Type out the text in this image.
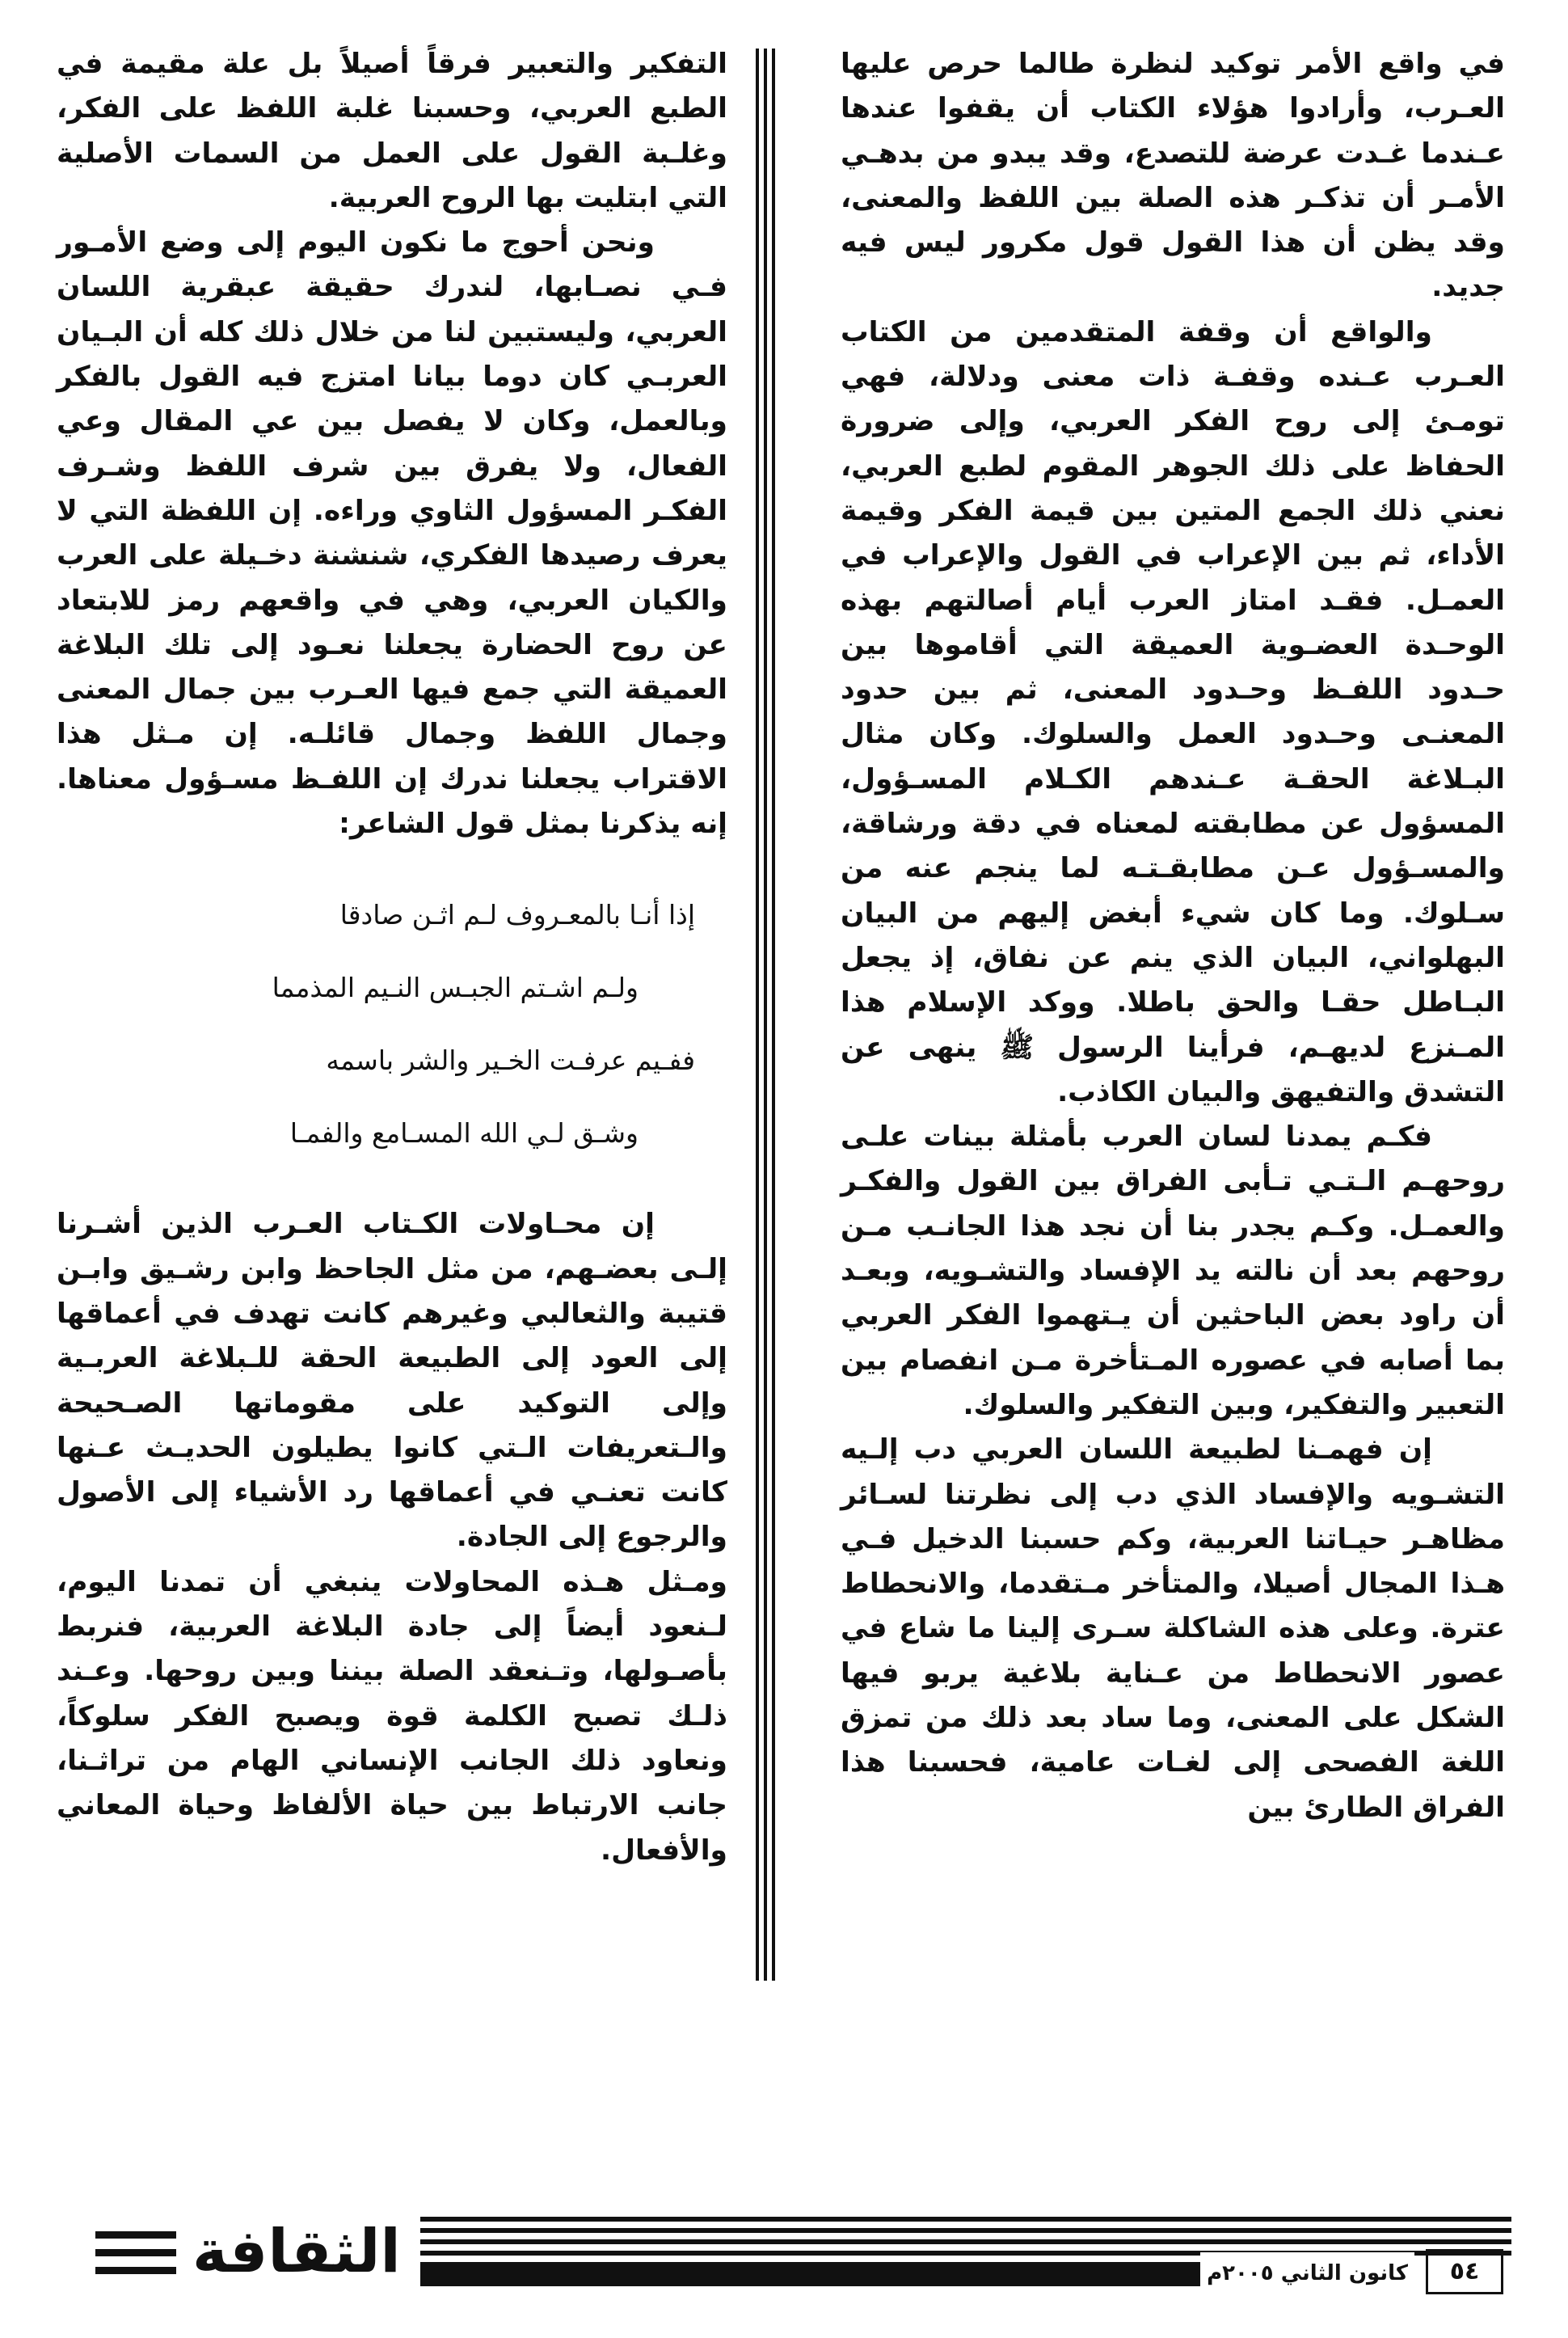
في واقع الأمر توكيد لنظرة طالما حرص عليها العـرب، وأرادوا هؤلاء الكتاب أن يقفوا عندها عـندما غـدت عرضة للتصدع، وقد يبدو من بدهـي الأمـر أن تذكـر هذه الصلة بين اللفظ والمعنى، وقد يظن أن هذا القول قول مكرور ليس فيه جديد.

والواقع أن وقفة المتقدمين من الكتاب العـرب عـنده وقفـة ذات معنى ودلالة، فهي تومـئ إلى روح الفكر العربي، وإلى ضرورة الحفاظ على ذلك الجوهر المقوم لطبع العربي، نعني ذلك الجمع المتين بين قيمة الفكر وقيمة الأداء، ثم بين الإعراب في القول والإعراب في العمـل. فقـد امتاز العرب أيام أصالتهم بهذه الوحـدة العضـوية العميقة التي أقاموها بين حـدود اللفـظ وحـدود المعنى، ثم بين حدود المعنـى وحـدود العمل والسلوك. وكان مثال البـلاغة الحقـة عـندهم الكـلام المسـؤول، المسؤول عن مطابقته لمعناه في دقة ورشاقة، والمسـؤول عـن مطابقـتـه لما ينجم عنه من سـلوك. وما كان شيء أبغض إليهم من البيان البهلواني، البيان الذي ينم عن نفاق، إذ يجعل البـاطل حقـا والحق باطلا. ووكد الإسلام هذا المـنزع لديهـم، فرأينا الرسول ﷺ ينهى عن التشدق والتفيهق والبيان الكاذب.

فكـم يمدنا لسان العرب بأمثلة بينات علـى روحهـم الـتـي تـأبى الفراق بين القول والفكـر والعمـل. وكـم يجدر بنا أن نجد هذا الجانـب مـن روحهم بعد أن نالته يد الإفساد والتشـويه، وبعـد أن راود بعض الباحثين أن يـتهموا الفكر العربي بما أصابه في عصوره المـتأخرة مـن انفصام بين التعبير والتفكير، وبين التفكير والسلوك.

إن فهمـنا لطبيعة اللسان العربي دب إلـيه التشـويه والإفساد الذي دب إلى نظرتنا لسـائر مظاهـر حيـاتنا العربية، وكم حسبنا الدخيل فـي هـذا المجال أصيلا، والمتأخر مـتقدما، والانحطاط عترة. وعلى هذه الشاكلة سـرى إلينا ما شاع في عصور الانحطاط من عـناية بلاغية يربو فيها الشكل على المعنى، وما ساد بعد ذلك من تمزق اللغة الفصحى إلى لغـات عامية، فحسبنا هذا الفراق الطارئ بين

التفكير والتعبير فرقاً أصيلاً بل علة مقيمة في الطبع العربي، وحسبنا غلبة اللفظ على الفكر، وغلـبة القول على العمل من السمات الأصلية التي ابتليت بها الروح العربية.

ونحن أحوج ما نكون اليوم إلى وضع الأمـور فـي نصـابها، لندرك حقيقة عبقرية اللسان العربي، وليستبين لنا من خلال ذلك كله أن البـيان العربـي كان دوما بيانا امتزج فيه القول بالفكر وبالعمل، وكان لا يفصل بين عي المقال وعي الفعال، ولا يفرق بين شرف اللفظ وشـرف الفكـر المسؤول الثاوي وراءه. إن اللفظة التي لا يعرف رصيدها الفكري، شنشنة دخـيلة على العرب والكيان العربي، وهي في واقعهم رمز للابتعاد عن روح الحضارة يجعلنا نعـود إلى تلك البلاغة العميقة التي جمع فيها العـرب بين جمال المعنى وجمال اللفظ وجمال قائلـه. إن مـثل هذا الاقتراب يجعلنا ندرك إن اللفـظ مسـؤول معناها. إنه يذكرنا بمثل قول الشاعر:

إذا أنـا بالمعـروف لـم اثـن صادقا
ولـم اشـتم الجبـس النـيم المذمما
ففـيم عرفـت الخـير والشر باسمه
وشـق لـي الله المسـامع والفمـا

إن محـاولات الكـتاب العـرب الذين أشـرنا إلـى بعضـهم، من مثل الجاحظ وابن رشـيق وابـن قتيبة والثعالبي وغيرهم كانت تهدف في أعماقها إلى العود إلى الطبيعة الحقة للـبلاغة العربـية وإلى التوكيد على مقوماتها الصـحيحة والـتعريفات الـتي كانوا يطيلون الحديـث عـنها كانت تعنـي في أعماقها رد الأشياء إلى الأصول والرجوع إلى الجادة.

ومـثل هـذه المحاولات ينبغي أن تمدنا اليوم، لـنعود أيضاً إلى جادة البلاغة العربية، فنربط بأصـولها، وتـنعقد الصلة بيننا وبين روحها. وعـند ذلـك تصبح الكلمة قوة ويصبح الفكر سلوكاً، ونعاود ذلك الجانب الإنساني الهام من تراثـنا، جانب الارتباط بين حياة الألفاظ وحياة المعاني والأفعال.

الثقافة	كانون الثاني ٢٠٠٥م	٥٤
